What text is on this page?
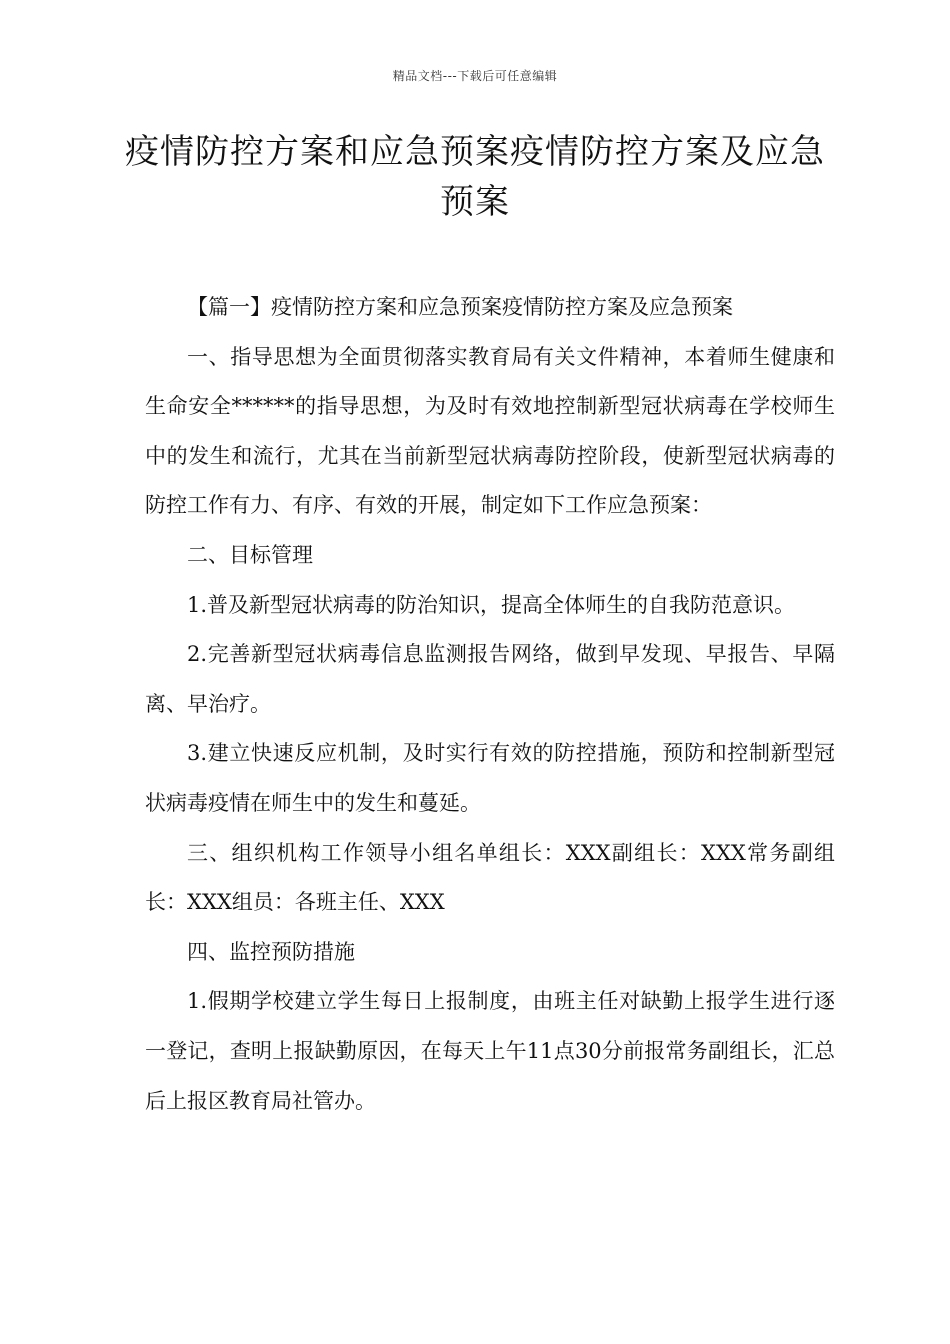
精品文档---下载后可任意编辑
疫情防控方案和应急预案疫情防控方案及应急预案

【篇一】疫情防控方案和应急预案疫情防控方案及应急预案

一、指导思想为全面贯彻落实教育局有关文件精神，本着师生健康和生命安全******的指导思想，为及时有效地控制新型冠状病毒在学校师生中的发生和流行，尤其在当前新型冠状病毒防控阶段，使新型冠状病毒的防控工作有力、有序、有效的开展，制定如下工作应急预案：

二、目标管理

1.普及新型冠状病毒的防治知识，提高全体师生的自我防范意识。

2.完善新型冠状病毒信息监测报告网络，做到早发现、早报告、早隔离、早治疗。

3.建立快速反应机制，及时实行有效的防控措施，预防和控制新型冠状病毒疫情在师生中的发生和蔓延。

三、组织机构工作领导小组名单组长：XXX副组长：XXX常务副组长：XXX组员：各班主任、XXX

四、监控预防措施

1.假期学校建立学生每日上报制度，由班主任对缺勤上报学生进行逐一登记，查明上报缺勤原因，在每天上午11点30分前报常务副组长，汇总后上报区教育局社管办。
